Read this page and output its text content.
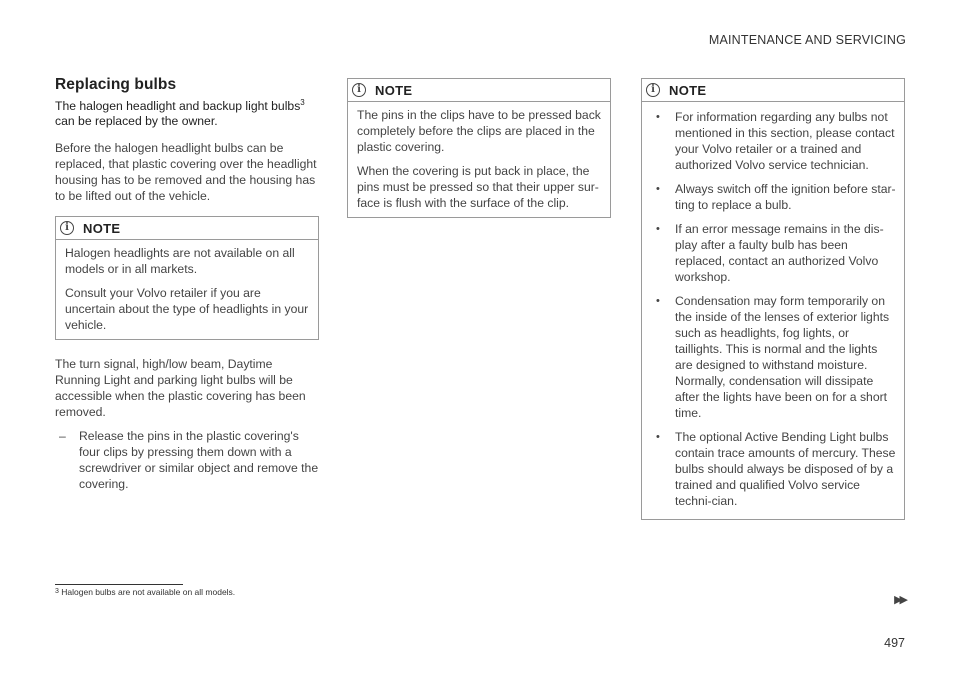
MAINTENANCE AND SERVICING
Replacing bulbs
The halogen headlight and backup light bulbs$^3$ can be replaced by the owner.

Before the halogen headlight bulbs can be replaced, that plastic covering over the headlight housing has to be removed and the housing has to be lifted out of the vehicle.

i	NOTE

Halogen headlights are not available on all models or in all markets.

Consult your Volvo retailer if you are uncertain about the type of headlights in your vehicle.

The turn signal, high/low beam, Daytime Running Light and parking light bulbs will be accessible when the plastic covering has been removed.

– Release the pins in the plastic covering's four clips by pressing them down with a screwdriver or similar object and remove the covering.
i	NOTE

The pins in the clips have to be pressed back completely before the clips are placed in the plastic covering.

When the covering is put back in place, the pins must be pressed so that their upper sur-face is flush with the surface of the clip.

i	NOTE
• For information regarding any bulbs not mentioned in this section, please contact your Volvo retailer or a trained and authorized Volvo service technician.
• Always switch off the ignition before star-ting to replace a bulb.
• If an error message remains in the dis-play after a faulty bulb has been replaced, contact an authorized Volvo workshop.
• Condensation may form temporarily on the inside of the lenses of exterior lights such as headlights, fog lights, or taillights. This is normal and the lights are designed to withstand moisture. Normally, condensation will dissipate after the lights have been on for a short time.
• The optional Active Bending Light bulbs contain trace amounts of mercury. These bulbs should always be disposed of by a trained and qualified Volvo service techni-cian.
$^3$ Halogen bulbs are not available on all models.
▶▶
497
